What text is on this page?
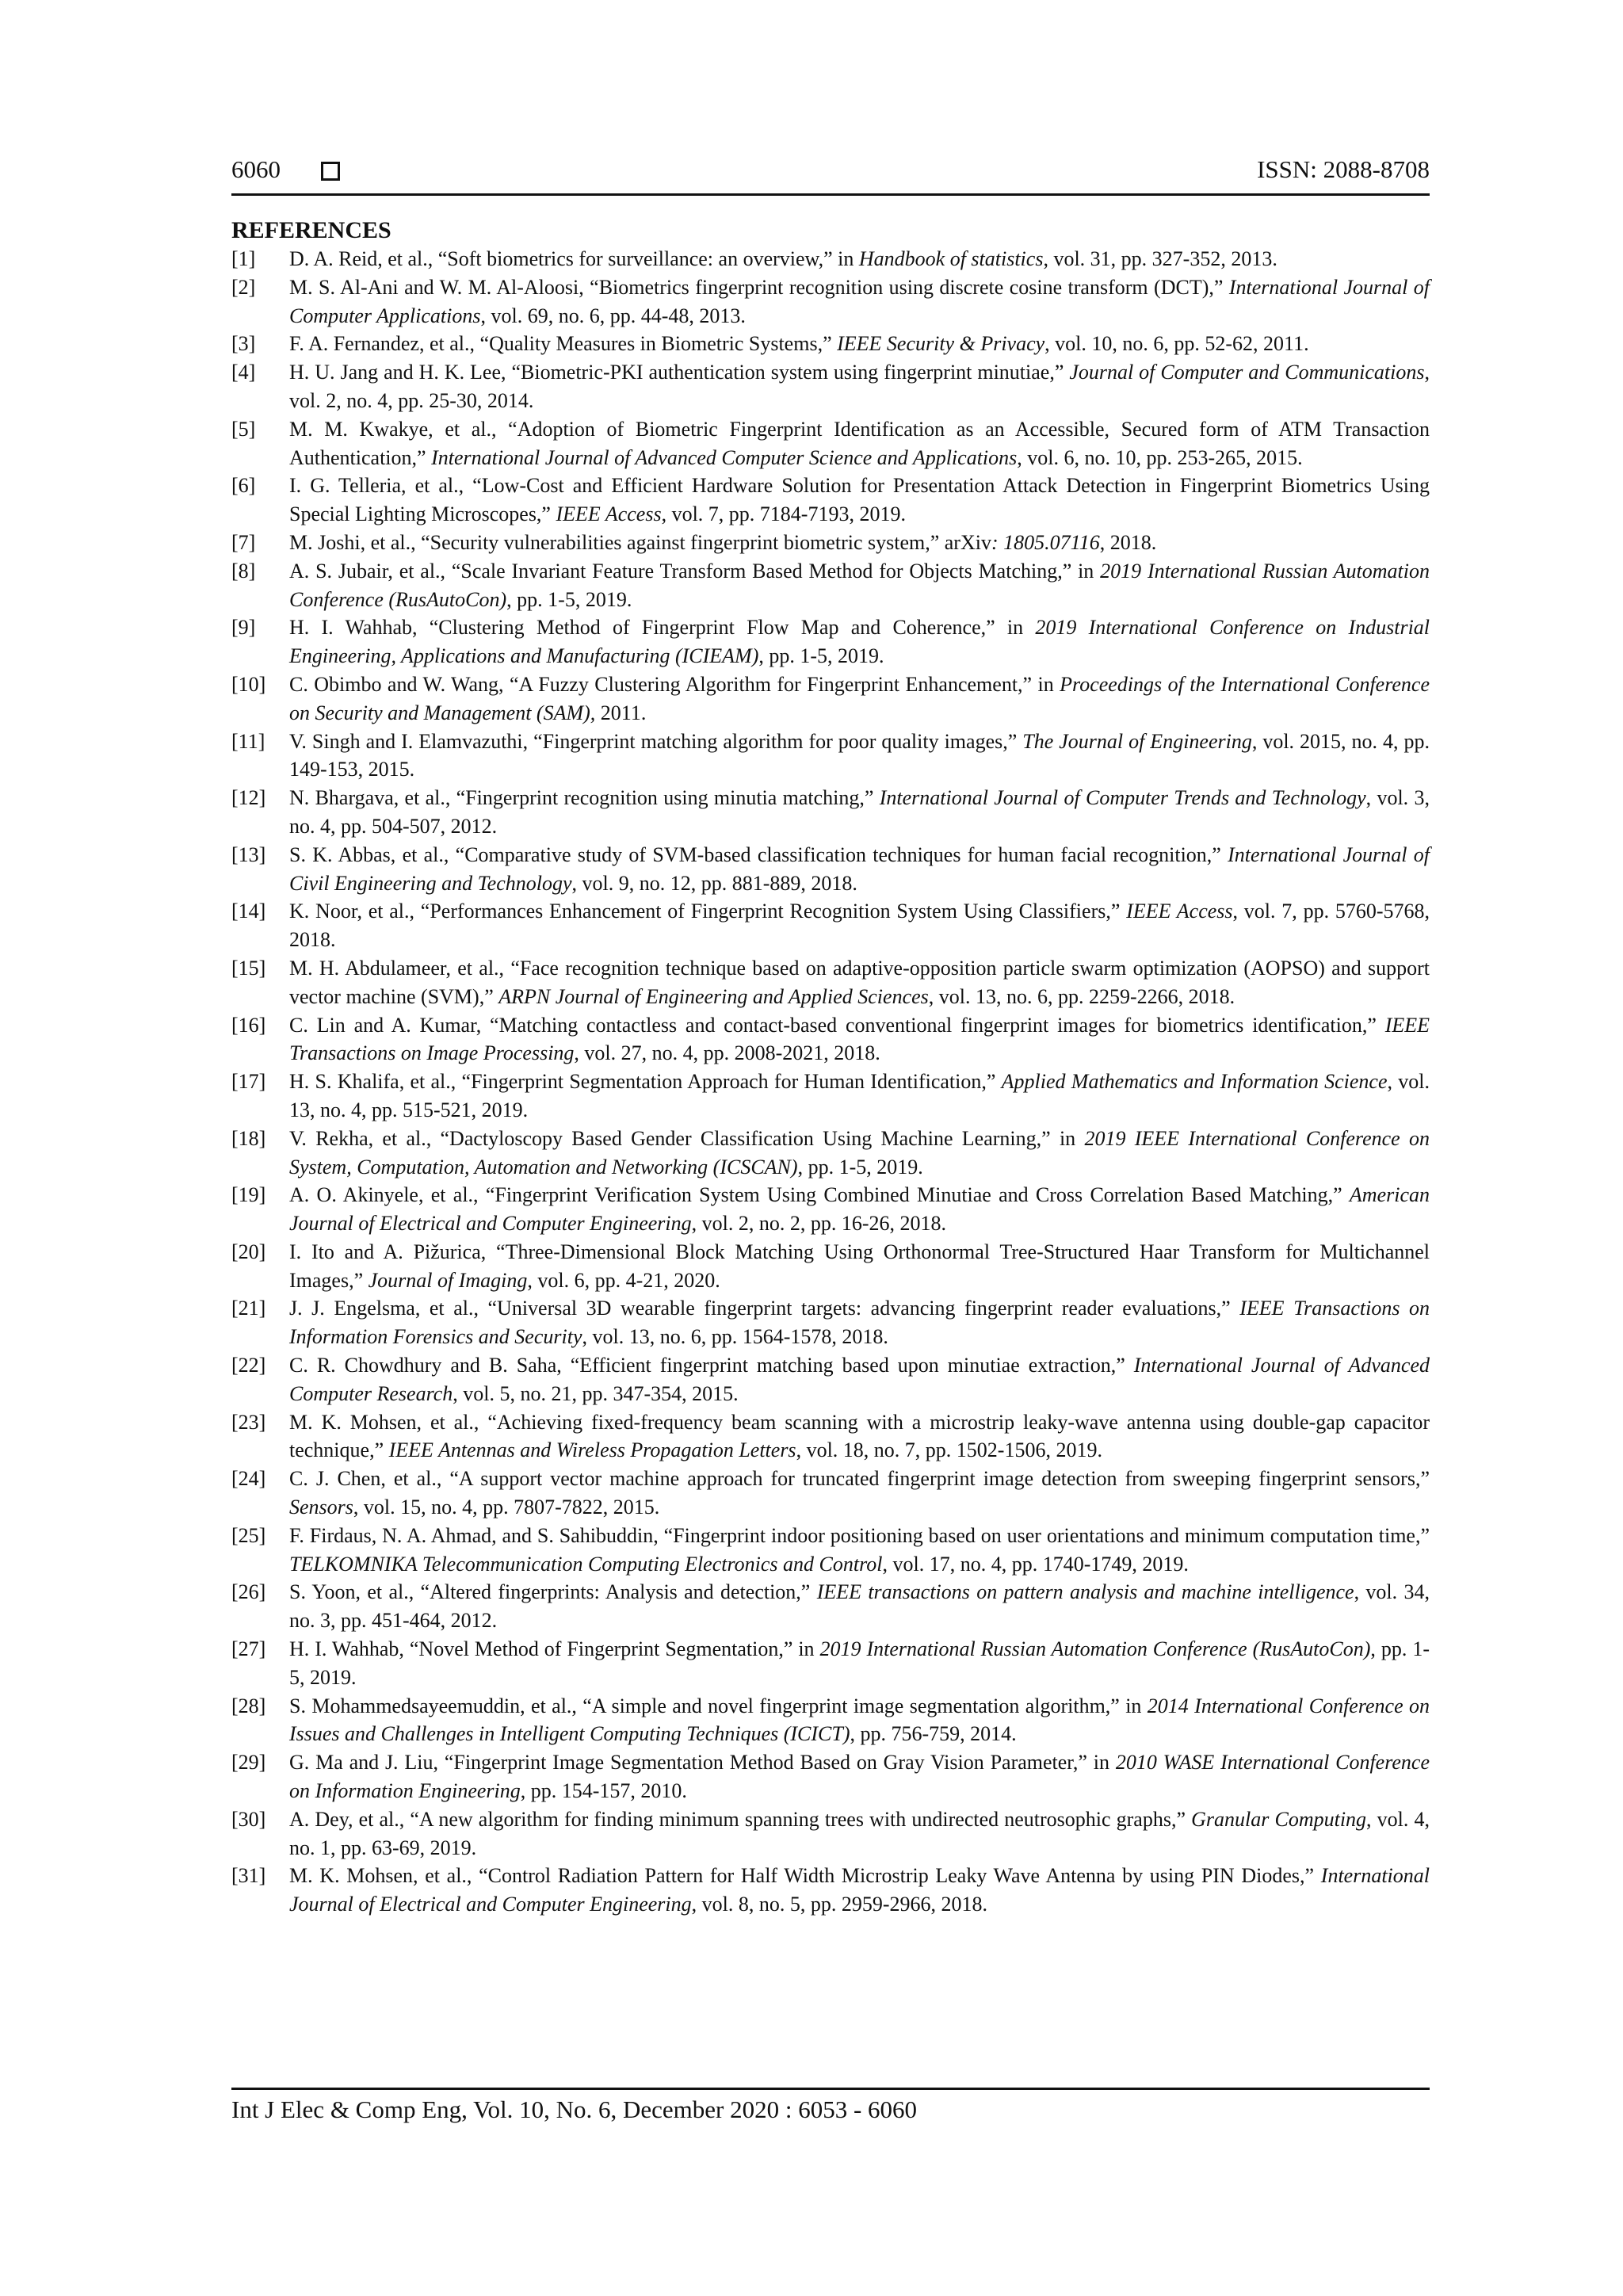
6060	ISSN: 2088-8708
REFERENCES
[1] D. A. Reid, et al., “Soft biometrics for surveillance: an overview,” in Handbook of statistics, vol. 31, pp. 327-352, 2013.
[2] M. S. Al-Ani and W. M. Al-Aloosi, “Biometrics fingerprint recognition using discrete cosine transform (DCT),” International Journal of Computer Applications, vol. 69, no. 6, pp. 44-48, 2013.
[3] F. A. Fernandez, et al., “Quality Measures in Biometric Systems,” IEEE Security & Privacy, vol. 10, no. 6, pp. 52-62, 2011.
[4] H. U. Jang and H. K. Lee, “Biometric-PKI authentication system using fingerprint minutiae,” Journal of Computer and Communications, vol. 2, no. 4, pp. 25-30, 2014.
[5] M. M. Kwakye, et al., “Adoption of Biometric Fingerprint Identification as an Accessible, Secured form of ATM Transaction Authentication,” International Journal of Advanced Computer Science and Applications, vol. 6, no. 10, pp. 253-265, 2015.
[6] I. G. Telleria, et al., “Low-Cost and Efficient Hardware Solution for Presentation Attack Detection in Fingerprint Biometrics Using Special Lighting Microscopes,” IEEE Access, vol. 7, pp. 7184-7193, 2019.
[7] M. Joshi, et al., “Security vulnerabilities against fingerprint biometric system,” arXiv: 1805.07116, 2018.
[8] A. S. Jubair, et al., “Scale Invariant Feature Transform Based Method for Objects Matching,” in 2019 International Russian Automation Conference (RusAutoCon), pp. 1-5, 2019.
[9] H. I. Wahhab, “Clustering Method of Fingerprint Flow Map and Coherence,” in 2019 International Conference on Industrial Engineering, Applications and Manufacturing (ICIEAM), pp. 1-5, 2019.
[10] C. Obimbo and W. Wang, “A Fuzzy Clustering Algorithm for Fingerprint Enhancement,” in Proceedings of the International Conference on Security and Management (SAM), 2011.
[11] V. Singh and I. Elamvazuthi, “Fingerprint matching algorithm for poor quality images,” The Journal of Engineering, vol. 2015, no. 4, pp. 149-153, 2015.
[12] N. Bhargava, et al., “Fingerprint recognition using minutia matching,” International Journal of Computer Trends and Technology, vol. 3, no. 4, pp. 504-507, 2012.
[13] S. K. Abbas, et al., “Comparative study of SVM-based classification techniques for human facial recognition,” International Journal of Civil Engineering and Technology, vol. 9, no. 12, pp. 881-889, 2018.
[14] K. Noor, et al., “Performances Enhancement of Fingerprint Recognition System Using Classifiers,” IEEE Access, vol. 7, pp. 5760-5768, 2018.
[15] M. H. Abdulameer, et al., “Face recognition technique based on adaptive-opposition particle swarm optimization (AOPSO) and support vector machine (SVM),” ARPN Journal of Engineering and Applied Sciences, vol. 13, no. 6, pp. 2259-2266, 2018.
[16] C. Lin and A. Kumar, “Matching contactless and contact-based conventional fingerprint images for biometrics identification,” IEEE Transactions on Image Processing, vol. 27, no. 4, pp. 2008-2021, 2018.
[17] H. S. Khalifa, et al., “Fingerprint Segmentation Approach for Human Identification,” Applied Mathematics and Information Science, vol. 13, no. 4, pp. 515-521, 2019.
[18] V. Rekha, et al., “Dactyloscopy Based Gender Classification Using Machine Learning,” in 2019 IEEE International Conference on System, Computation, Automation and Networking (ICSCAN), pp. 1-5, 2019.
[19] A. O. Akinyele, et al., “Fingerprint Verification System Using Combined Minutiae and Cross Correlation Based Matching,” American Journal of Electrical and Computer Engineering, vol. 2, no. 2, pp. 16-26, 2018.
[20] I. Ito and A. Pižurica, “Three-Dimensional Block Matching Using Orthonormal Tree-Structured Haar Transform for Multichannel Images,” Journal of Imaging, vol. 6, pp. 4-21, 2020.
[21] J. J. Engelsma, et al., “Universal 3D wearable fingerprint targets: advancing fingerprint reader evaluations,” IEEE Transactions on Information Forensics and Security, vol. 13, no. 6, pp. 1564-1578, 2018.
[22] C. R. Chowdhury and B. Saha, “Efficient fingerprint matching based upon minutiae extraction,” International Journal of Advanced Computer Research, vol. 5, no. 21, pp. 347-354, 2015.
[23] M. K. Mohsen, et al., “Achieving fixed-frequency beam scanning with a microstrip leaky-wave antenna using double-gap capacitor technique,” IEEE Antennas and Wireless Propagation Letters, vol. 18, no. 7, pp. 1502-1506, 2019.
[24] C. J. Chen, et al., “A support vector machine approach for truncated fingerprint image detection from sweeping fingerprint sensors,” Sensors, vol. 15, no. 4, pp. 7807-7822, 2015.
[25] F. Firdaus, N. A. Ahmad, and S. Sahibuddin, “Fingerprint indoor positioning based on user orientations and minimum computation time,” TELKOMNIKA Telecommunication Computing Electronics and Control, vol. 17, no. 4, pp. 1740-1749, 2019.
[26] S. Yoon, et al., “Altered fingerprints: Analysis and detection,” IEEE transactions on pattern analysis and machine intelligence, vol. 34, no. 3, pp. 451-464, 2012.
[27] H. I. Wahhab, “Novel Method of Fingerprint Segmentation,” in 2019 International Russian Automation Conference (RusAutoCon), pp. 1-5, 2019.
[28] S. Mohammedsayeemuddin, et al., “A simple and novel fingerprint image segmentation algorithm,” in 2014 International Conference on Issues and Challenges in Intelligent Computing Techniques (ICICT), pp. 756-759, 2014.
[29] G. Ma and J. Liu, “Fingerprint Image Segmentation Method Based on Gray Vision Parameter,” in 2010 WASE International Conference on Information Engineering, pp. 154-157, 2010.
[30] A. Dey, et al., “A new algorithm for finding minimum spanning trees with undirected neutrosophic graphs,” Granular Computing, vol. 4, no. 1, pp. 63-69, 2019.
[31] M. K. Mohsen, et al., “Control Radiation Pattern for Half Width Microstrip Leaky Wave Antenna by using PIN Diodes,” International Journal of Electrical and Computer Engineering, vol. 8, no. 5, pp. 2959-2966, 2018.
Int J Elec & Comp Eng, Vol. 10, No. 6, December 2020 : 6053 - 6060
